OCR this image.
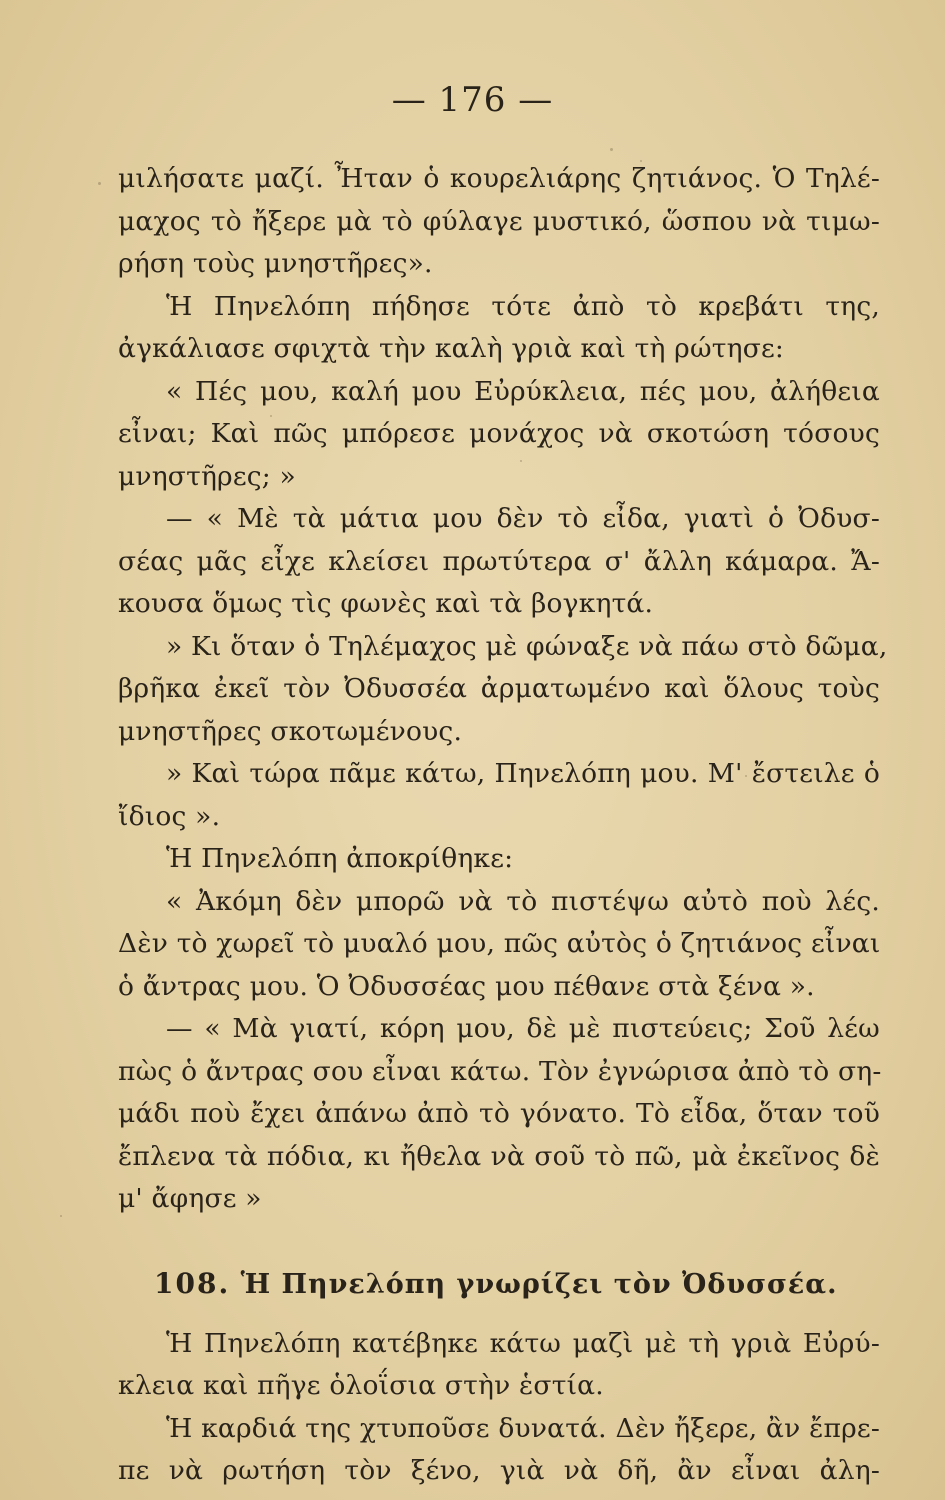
— 176 —
μιλήσατε μαζί. Ἦταν ὁ κουρελιάρης ζητιάνος. Ὁ Τηλέ-
μαχος τὸ ἤξερε μὰ τὸ φύλαγε μυστικό, ὥσπου νὰ τιμω-
ρήση τοὺς μνηστῆρες».
Ἡ Πηνελόπη πήδησε τότε ἀπὸ τὸ κρεβάτι της,
ἀγκάλιασε σφιχτὰ τὴν καλὴ γριὰ καὶ τὴ ρώτησε:
« Πές μου, καλή μου Εὐρύκλεια, πές μου, ἀλήθεια
εἶναι; Καὶ πῶς μπόρεσε μονάχος νὰ σκοτώση τόσους
μνηστῆρες; »
— « Μὲ τὰ μάτια μου δὲν τὸ εἶδα, γιατὶ ὁ Ὀδυσ-
σέας μᾶς εἶχε κλείσει πρωτύτερα σ' ἄλλη κάμαρα. Ἄ-
κουσα ὅμως τὶς φωνὲς καὶ τὰ βογκητά.
» Κι ὅταν ὁ Τηλέμαχος μὲ φώναξε νὰ πάω στὸ δῶμα,
βρῆκα ἐκεῖ τὸν Ὀδυσσέα ἀρματωμένο καὶ ὅλους τοὺς
μνηστῆρες σκοτωμένους.
» Καὶ τώρα πᾶμε κάτω, Πηνελόπη μου. Μ' ἔστειλε ὁ
ἴδιος ».
Ἡ Πηνελόπη ἀποκρίθηκε:
« Ἀκόμη δὲν μπορῶ νὰ τὸ πιστέψω αὐτὸ ποὺ λές.
Δὲν τὸ χωρεῖ τὸ μυαλό μου, πῶς αὐτὸς ὁ ζητιάνος εἶναι
ὁ ἄντρας μου. Ὁ Ὀδυσσέας μου πέθανε στὰ ξένα ».
— « Μὰ γιατί, κόρη μου, δὲ μὲ πιστεύεις; Σοῦ λέω
πὼς ὁ ἄντρας σου εἶναι κάτω. Τὸν ἐγνώρισα ἀπὸ τὸ ση-
μάδι ποὺ ἔχει ἀπάνω ἀπὸ τὸ γόνατο. Τὸ εἶδα, ὅταν τοῦ
ἔπλενα τὰ πόδια, κι ἤθελα νὰ σοῦ τὸ πῶ, μὰ ἐκεῖνος δὲ
μ' ἄφησε »
108. Ἡ Πηνελόπη γνωρίζει τὸν Ὀδυσσέα.
Ἡ Πηνελόπη κατέβηκε κάτω μαζὶ μὲ τὴ γριὰ Εὐρύ-
κλεια καὶ πῆγε ὁλοΐσια στὴν ἑστία.
Ἡ καρδιά της χτυποῦσε δυνατά. Δὲν ἤξερε, ἂν ἔπρε-
πε νὰ ρωτήση τὸν ξένο, γιὰ νὰ δῆ, ἂν εἶναι ἀλη-
